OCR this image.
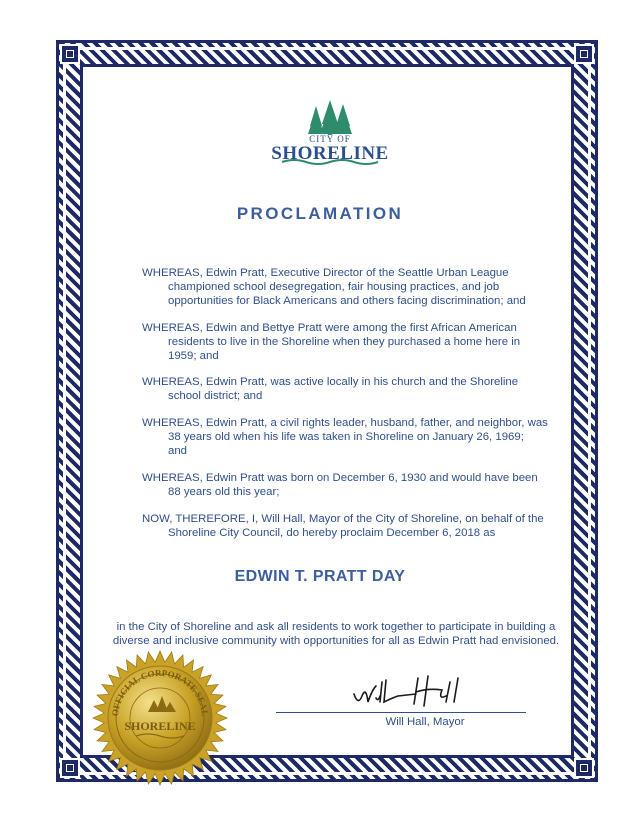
CITY OF
SHORELINE
PROCLAMATION
WHEREAS, Edwin Pratt, Executive Director of the Seattle Urban League
championed school desegregation, fair housing practices, and job
opportunities for Black Americans and others facing discrimination; and
WHEREAS, Edwin and Bettye Pratt were among the first African American
residents to live in the Shoreline when they purchased a home here in
1959; and
WHEREAS, Edwin Pratt, was active locally in his church and the Shoreline
school district; and
WHEREAS, Edwin Pratt, a civil rights leader, husband, father, and neighbor, was
38 years old when his life was taken in Shoreline on January 26, 1969;
and
WHEREAS, Edwin Pratt was born on December 6, 1930 and would have been
88 years old this year;
NOW, THEREFORE, I, Will Hall, Mayor of the City of Shoreline, on behalf of the
Shoreline City Council, do hereby proclaim December 6, 2018 as
EDWIN T. PRATT DAY
in the City of Shoreline and ask all residents to work together to participate in building a
diverse and inclusive community with opportunities for all as Edwin Pratt had envisioned.
Will Hall, Mayor
OFFICIAL CORPORATE SEAL
SHORELINE
